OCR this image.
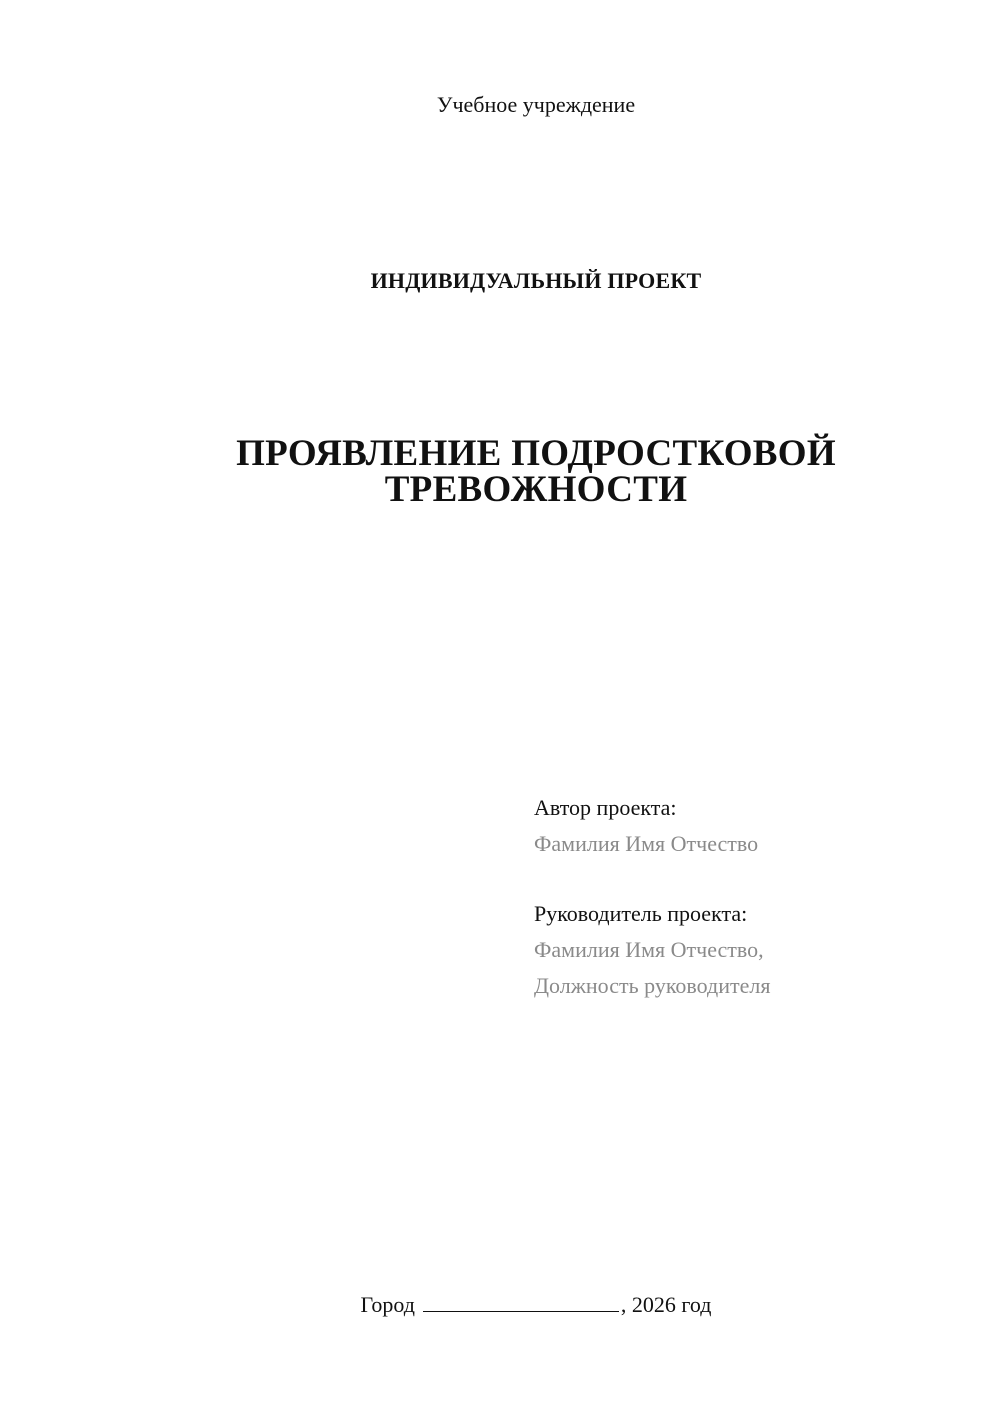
Учебное учреждение
ИНДИВИДУАЛЬНЫЙ ПРОЕКТ
ПРОЯВЛЕНИЕ ПОДРОСТКОВОЙ
ТРЕВОЖНОСТИ
Автор проекта:
Фамилия Имя Отчество
Руководитель проекта:
Фамилия Имя Отчество,
Должность руководителя
Город	, 2026 год
